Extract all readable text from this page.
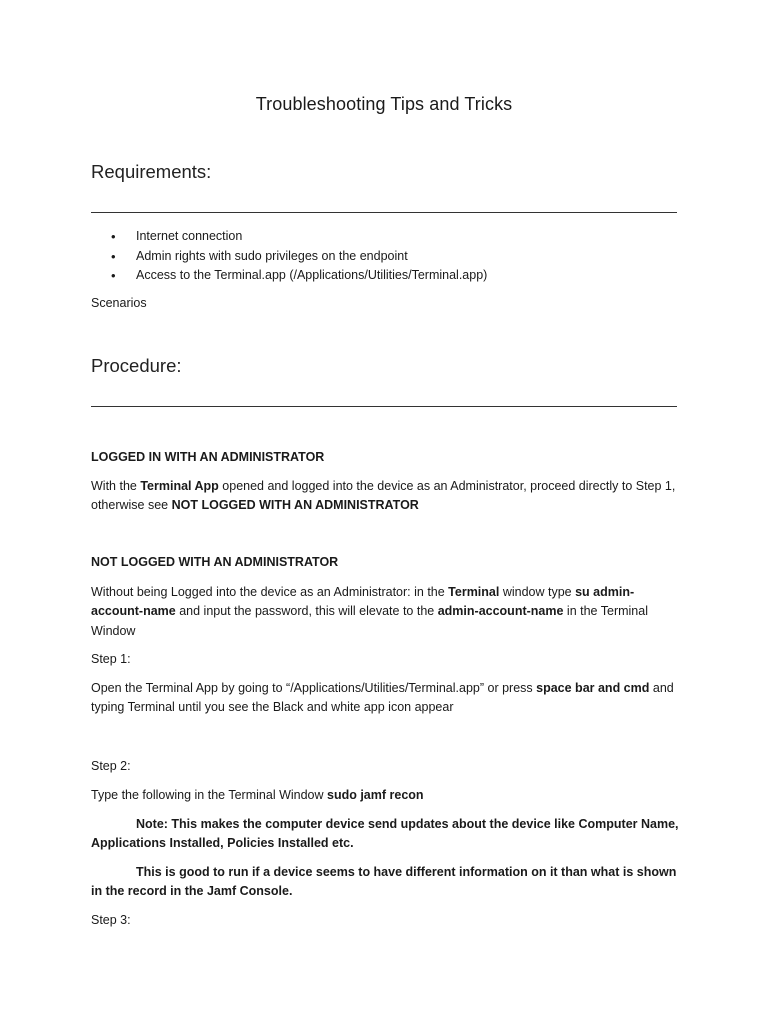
Troubleshooting Tips and Tricks
Requirements:
• Internet connection
• Admin rights with sudo privileges on the endpoint
• Access to the Terminal.app (/Applications/Utilities/Terminal.app)
Scenarios
Procedure:
LOGGED IN WITH AN ADMINISTRATOR
With the Terminal App opened and logged into the device as an Administrator, proceed directly to Step 1, otherwise see NOT LOGGED WITH AN ADMINISTRATOR
NOT LOGGED WITH AN ADMINISTRATOR
Without being Logged into the device as an Administrator: in the Terminal window type su admin-account-name and input the password, this will elevate to the admin-account-name in the Terminal Window
Step 1:
Open the Terminal App by going to “/Applications/Utilities/Terminal.app” or press space bar and cmd and typing Terminal until you see the Black and white app icon appear
Step 2:
Type the following in the Terminal Window sudo jamf recon
Note: This makes the computer device send updates about the device like Computer Name, Applications Installed, Policies Installed etc.
This is good to run if a device seems to have different information on it than what is shown in the record in the Jamf Console.
Step 3:
